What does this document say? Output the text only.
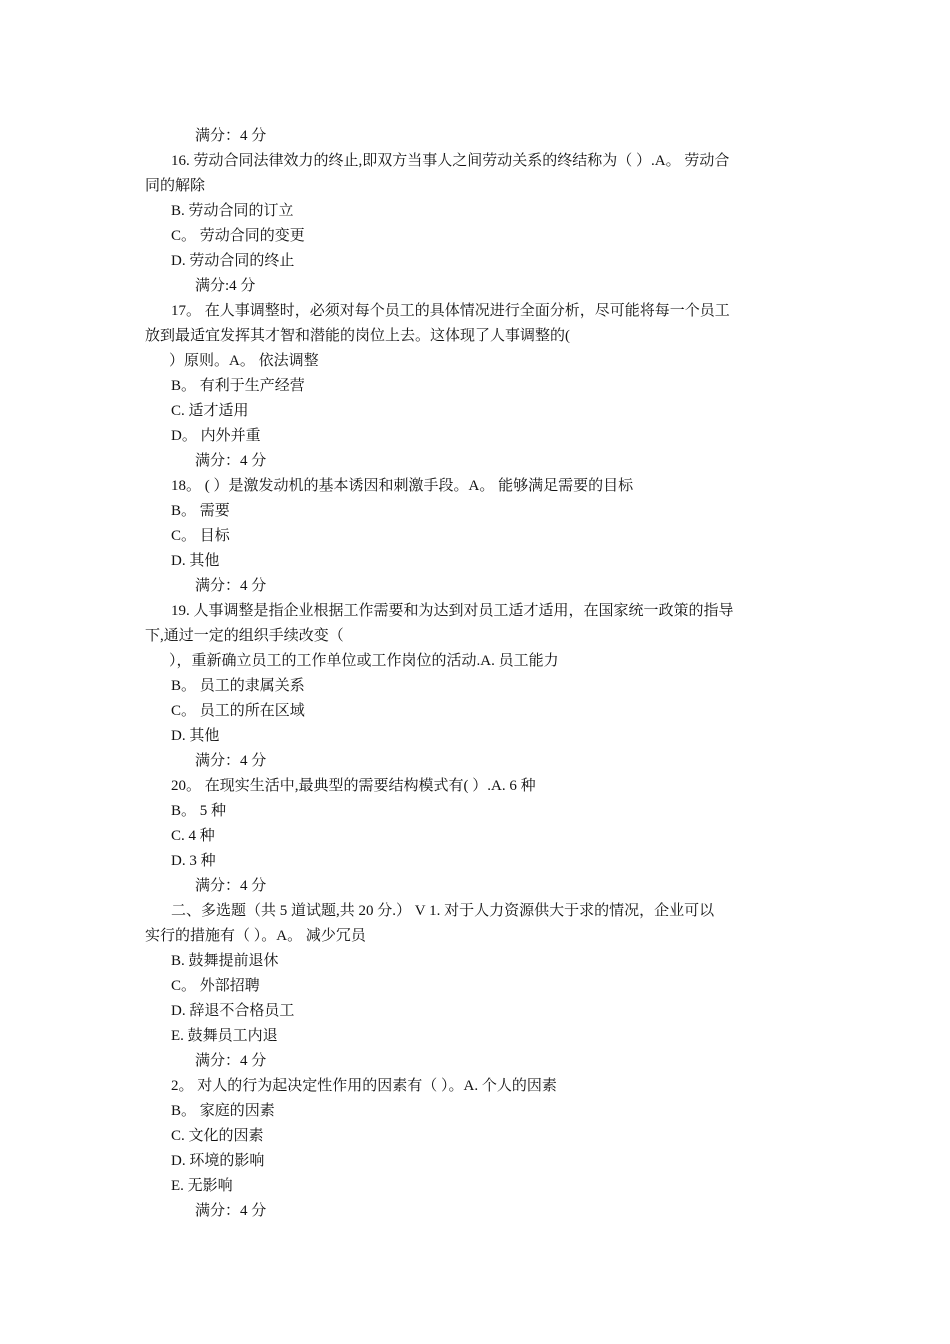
满分：4 分
16. 劳动合同法律效力的终止,即双方当事人之间劳动关系的终结称为（ ）.A。 劳动合
同的解除
B. 劳动合同的订立
C。 劳动合同的变更
D. 劳动合同的终止
满分:4 分
17。 在人事调整时，必须对每个员工的具体情况进行全面分析，尽可能将每一个员工
放到最适宜发挥其才智和潜能的岗位上去。这体现了人事调整的(
）原则。A。 依法调整
B。 有利于生产经营
C. 适才适用
D。 内外并重
满分：4 分
18。 ( ）是激发动机的基本诱因和刺激手段。A。 能够满足需要的目标
B。 需要
C。 目标
D. 其他
满分：4 分
19. 人事调整是指企业根据工作需要和为达到对员工适才适用，在国家统一政策的指导
下,通过一定的组织手续改变（
），重新确立员工的工作单位或工作岗位的活动.A. 员工能力
B。 员工的隶属关系
C。 员工的所在区域
D. 其他
满分：4 分
20。 在现实生活中,最典型的需要结构模式有( ）.A. 6 种
B。 5 种
C. 4 种
D. 3 种
满分：4 分
二、多选题（共 5 道试题,共 20 分.） V 1. 对于人力资源供大于求的情况，企业可以
实行的措施有（ ）。A。 减少冗员
B. 鼓舞提前退休
C。 外部招聘
D. 辞退不合格员工
E. 鼓舞员工内退
满分：4 分
2。 对人的行为起决定性作用的因素有（ ）。A. 个人的因素
B。 家庭的因素
C. 文化的因素
D. 环境的影响
E. 无影响
满分：4 分
